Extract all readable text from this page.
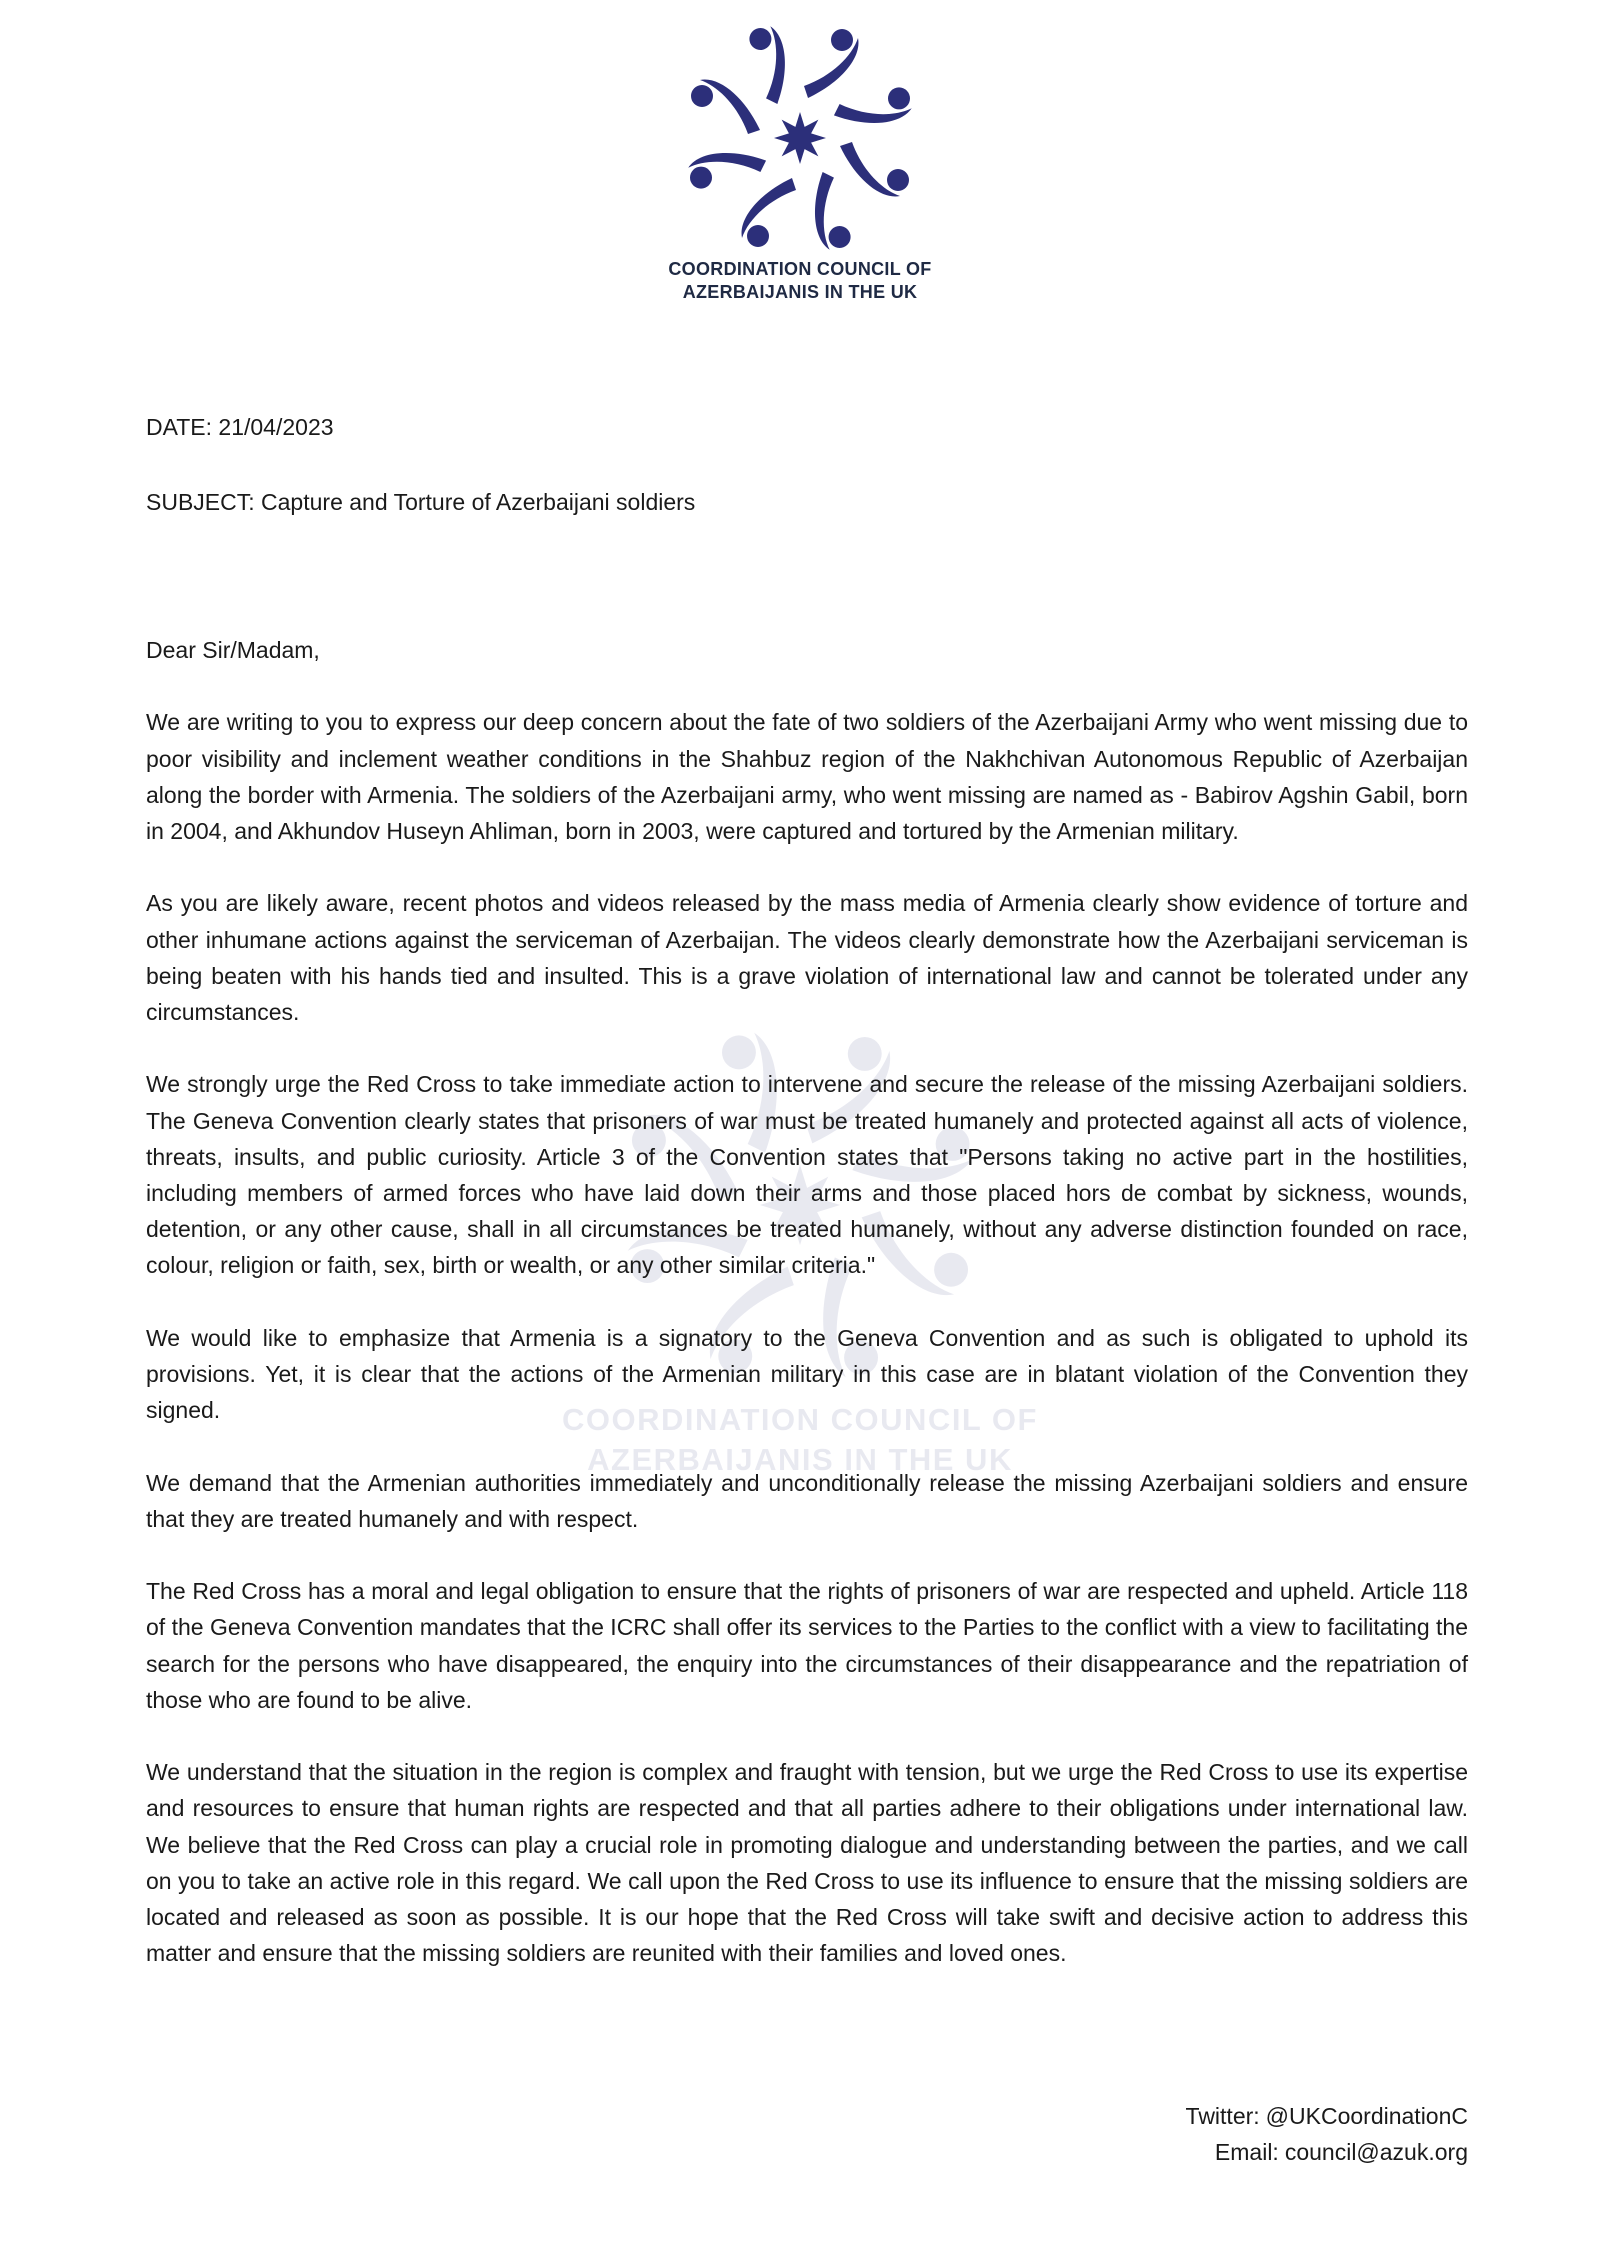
COORDINATION COUNCIL OF
AZERBAIJANIS IN THE UK
COORDINATION COUNCIL OF
AZERBAIJANIS IN THE UK
DATE: 21/04/2023
SUBJECT: Capture and Torture of Azerbaijani soldiers

Dear Sir/Madam,

We are writing to you to express our deep concern about the fate of two soldiers of the Azerbaijani Army who went missing due to poor visibility and inclement weather conditions in the Shahbuz region of the Nakhchivan Autonomous Republic of Azerbaijan along the border with Armenia. The soldiers of the Azerbaijani army, who went missing are named as - Babirov Agshin Gabil, born in 2004, and Akhundov Huseyn Ahliman, born in 2003, were captured and tortured by the Armenian military.

As you are likely aware, recent photos and videos released by the mass media of Armenia clearly show evidence of torture and other inhumane actions against the serviceman of Azerbaijan. The videos clearly demonstrate how the Azerbaijani serviceman is being beaten with his hands tied and insulted. This is a grave violation of international law and cannot be tolerated under any circumstances.

We strongly urge the Red Cross to take immediate action to intervene and secure the release of the missing Azerbaijani soldiers. The Geneva Convention clearly states that prisoners of war must be treated humanely and protected against all acts of violence, threats, insults, and public curiosity. Article 3 of the Convention states that "Persons taking no active part in the hostilities, including members of armed forces who have laid down their arms and those placed hors de combat by sickness, wounds, detention, or any other cause, shall in all circumstances be treated humanely, without any adverse distinction founded on race, colour, religion or faith, sex, birth or wealth, or any other similar criteria."

We would like to emphasize that Armenia is a signatory to the Geneva Convention and as such is obligated to uphold its provisions. Yet, it is clear that the actions of the Armenian military in this case are in blatant violation of the Convention they signed.

We demand that the Armenian authorities immediately and unconditionally release the missing Azerbaijani soldiers and ensure that they are treated humanely and with respect.

The Red Cross has a moral and legal obligation to ensure that the rights of prisoners of war are respected and upheld. Article 118 of the Geneva Convention mandates that the ICRC shall offer its services to the Parties to the conflict with a view to facilitating the search for the persons who have disappeared, the enquiry into the circumstances of their disappearance and the repatriation of those who are found to be alive.

We understand that the situation in the region is complex and fraught with tension, but we urge the Red Cross to use its expertise and resources to ensure that human rights are respected and that all parties adhere to their obligations under international law. We believe that the Red Cross can play a crucial role in promoting dialogue and understanding between the parties, and we call on you to take an active role in this regard. We call upon the Red Cross to use its influence to ensure that the missing soldiers are located and released as soon as possible. It is our hope that the Red Cross will take swift and decisive action to address this matter and ensure that the missing soldiers are reunited with their families and loved ones.

Twitter: @UKCoordinationC
Email: council@azuk.org
